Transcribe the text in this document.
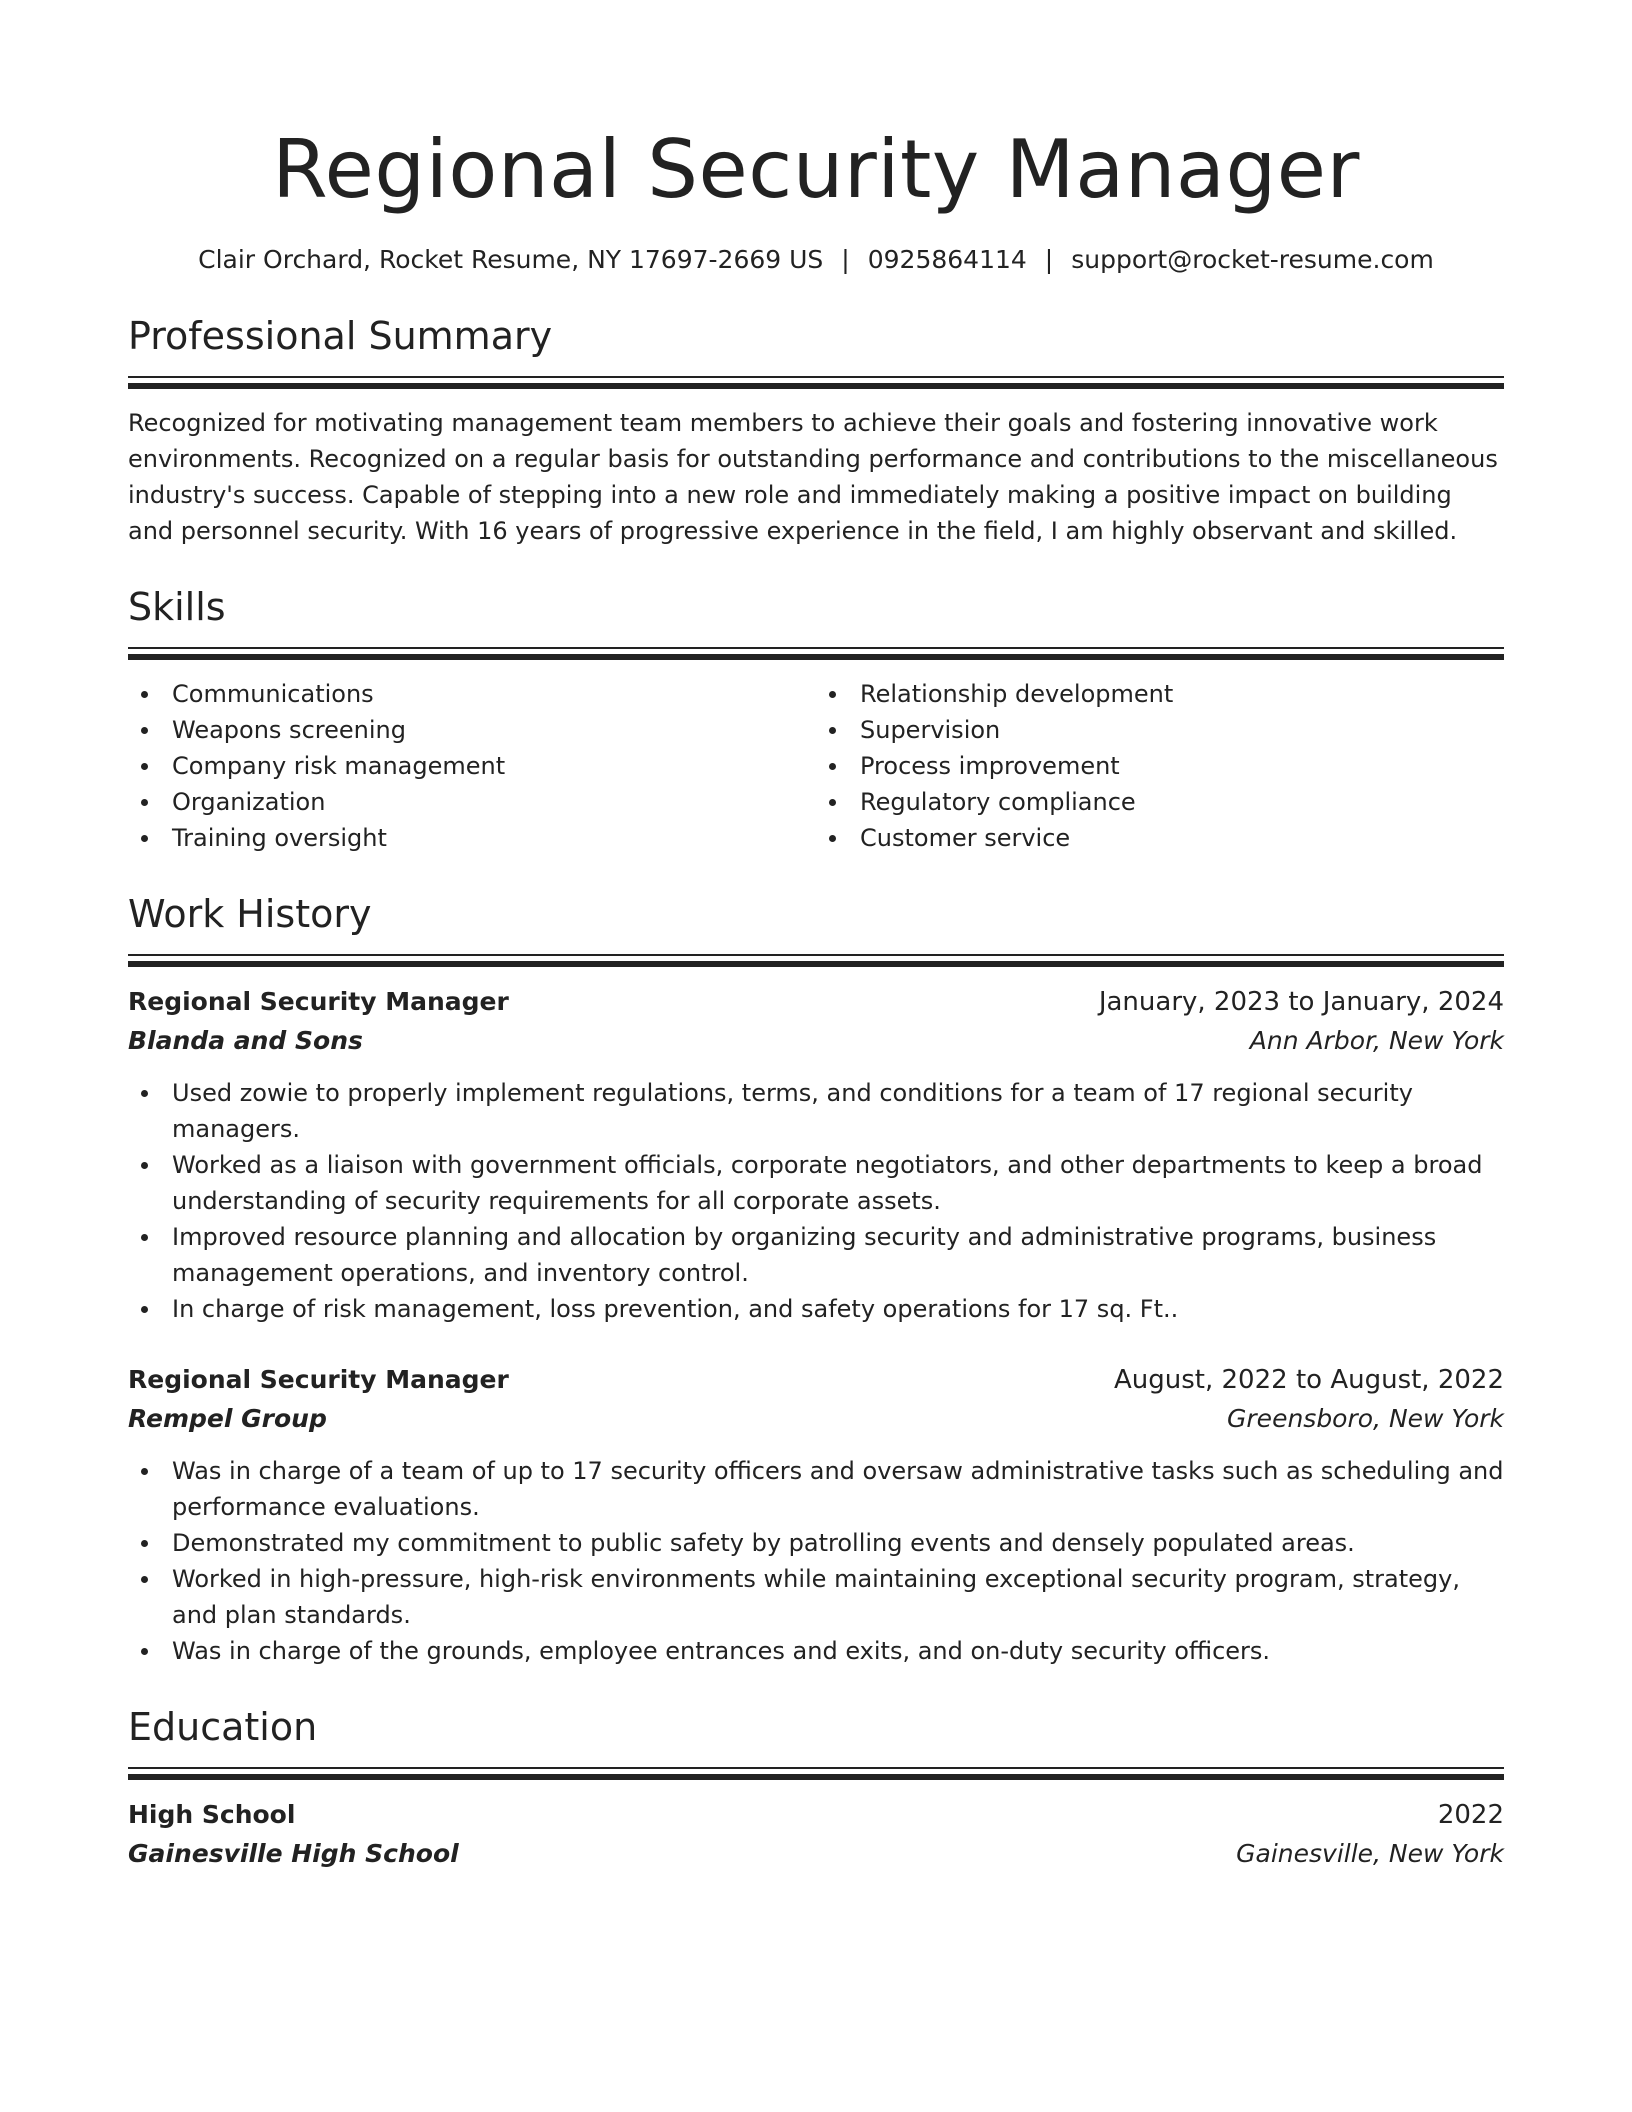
Regional Security Manager
Clair Orchard, Rocket Resume, NY 17697-2669 US | 0925864114 | support@rocket-resume.com
Professional Summary

Recognized for motivating management team members to achieve their goals and fostering innovative work environments. Recognized on a regular basis for outstanding performance and contributions to the miscellaneous industry's success. Capable of stepping into a new role and immediately making a positive impact on building and personnel security. With 16 years of progressive experience in the field, I am highly observant and skilled.

Skills
Communications
Weapons screening
Company risk management
Organization
Training oversight
Relationship development
Supervision
Process improvement
Regulatory compliance
Customer service
Work History
Regional Security Manager	January, 2023 to January, 2024
Blanda and Sons	Ann Arbor, New York
Used zowie to properly implement regulations, terms, and conditions for a team of 17 regional security managers.
Worked as a liaison with government officials, corporate negotiators, and other departments to keep a broad understanding of security requirements for all corporate assets.
Improved resource planning and allocation by organizing security and administrative programs, business management operations, and inventory control.
In charge of risk management, loss prevention, and safety operations for 17 sq. Ft..
Regional Security Manager	August, 2022 to August, 2022
Rempel Group	Greensboro, New York
Was in charge of a team of up to 17 security officers and oversaw administrative tasks such as scheduling and performance evaluations.
Demonstrated my commitment to public safety by patrolling events and densely populated areas.
Worked in high-pressure, high-risk environments while maintaining exceptional security program, strategy, and plan standards.
Was in charge of the grounds, employee entrances and exits, and on-duty security officers.
Education
High School	2022
Gainesville High School	Gainesville, New York
